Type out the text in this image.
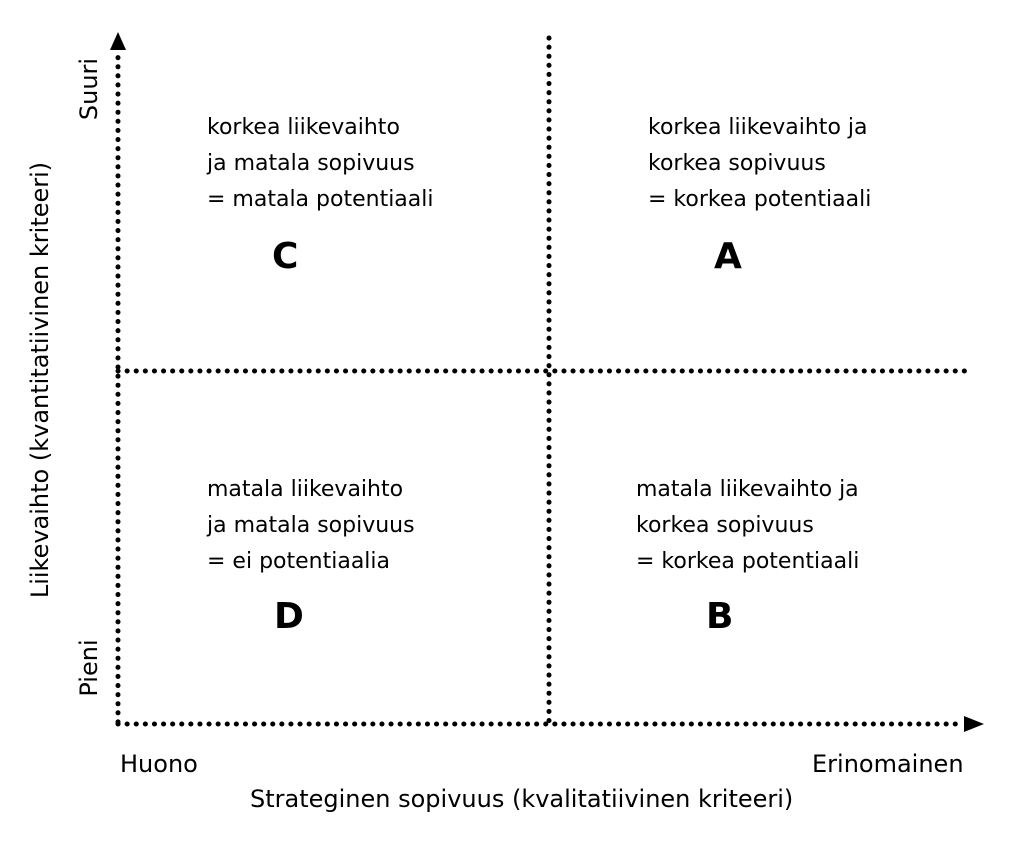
korkea liikevaihto
ja matala sopivuus
= matala potentiaali
C
korkea liikevaihto ja
korkea sopivuus
= korkea potentiaali
A
matala liikevaihto
ja matala sopivuus
= ei potentiaalia
D
matala liikevaihto ja
korkea sopivuus
= korkea potentiaali
B
Suuri
Liikevaihto (kvantitatiivinen kriteeri)
Pieni
Huono	Erinomainen
Strateginen sopivuus (kvalitatiivinen kriteeri)
